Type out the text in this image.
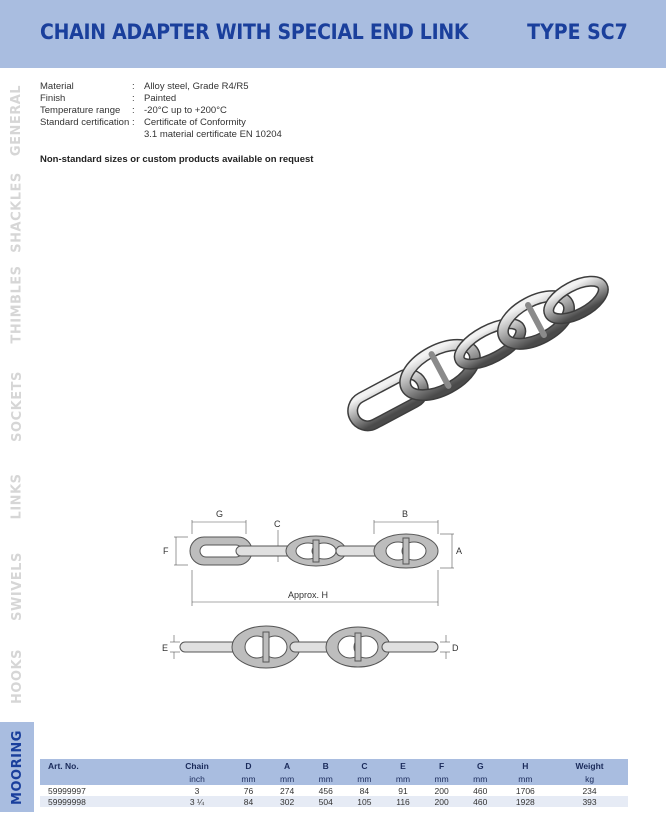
CHAIN ADAPTER WITH SPECIAL END LINK	TYPE SC7
GENERAL
SHACKLES
THIMBLES
SOCKETS
LINKS
SWIVELS
HOOKS
MOORING
Material	: Alloy steel, Grade R4/R5
Finish	: Painted
Temperature range	: -20°C up to +200°C
Standard certification : Certificate of Conformity
3.1 material certificate EN 10204
Non-standard sizes or custom products available on request
G
C
B
F	A
Approx. H
E	D
Art. No.	Chain	D	A	B	C	E	F	G	H	Weight
	inch	mm	mm	mm	mm	mm	mm	mm	mm	kg
59999997	3	76	274	456	84	91	200	460	1706	234
59999998	3 ¼	84	302	504	105	116	200	460	1928	393
